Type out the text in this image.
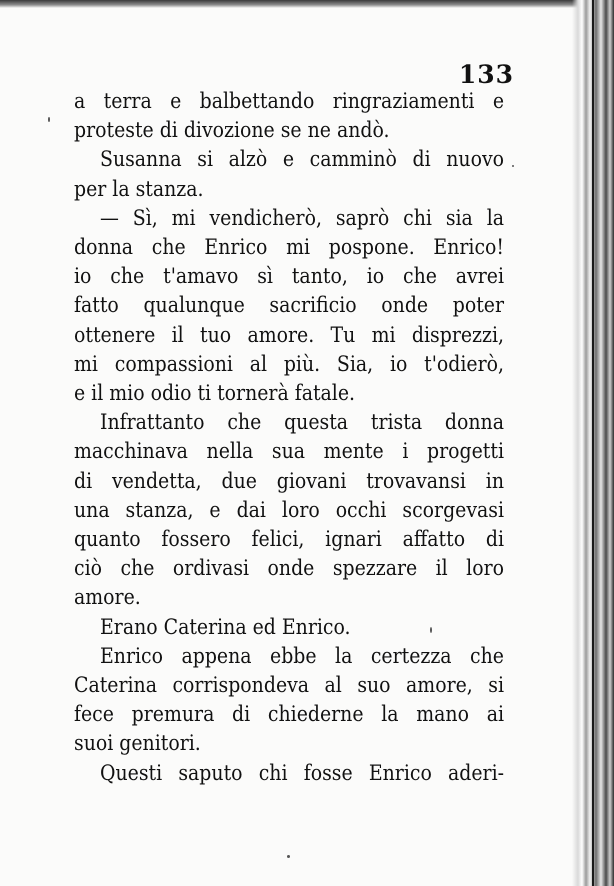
133
a terra e balbettando ringraziamenti e
proteste di divozione se ne andò.
Susanna si alzò e camminò di nuovo
per la stanza.
— Sì, mi vendicherò, saprò chi sia la
donna che Enrico mi pospone. Enrico!
io che t'amavo sì tanto, io che avrei
fatto qualunque sacrificio onde poter
ottenere il tuo amore. Tu mi disprezzi,
mi compassioni al più. Sia, io t'odierò,
e il mio odio ti tornerà fatale.
Infrattanto che questa trista donna
macchinava nella sua mente i progetti
di vendetta, due giovani trovavansi in
una stanza, e dai loro occhi scorgevasi
quanto fossero felici, ignari affatto di
ciò che ordivasi onde spezzare il loro
amore.
Erano Caterina ed Enrico.
Enrico appena ebbe la certezza che
Caterina corrispondeva al suo amore, si
fece premura di chiederne la mano ai
suoi genitori.
Questi saputo chi fosse Enrico aderi-
